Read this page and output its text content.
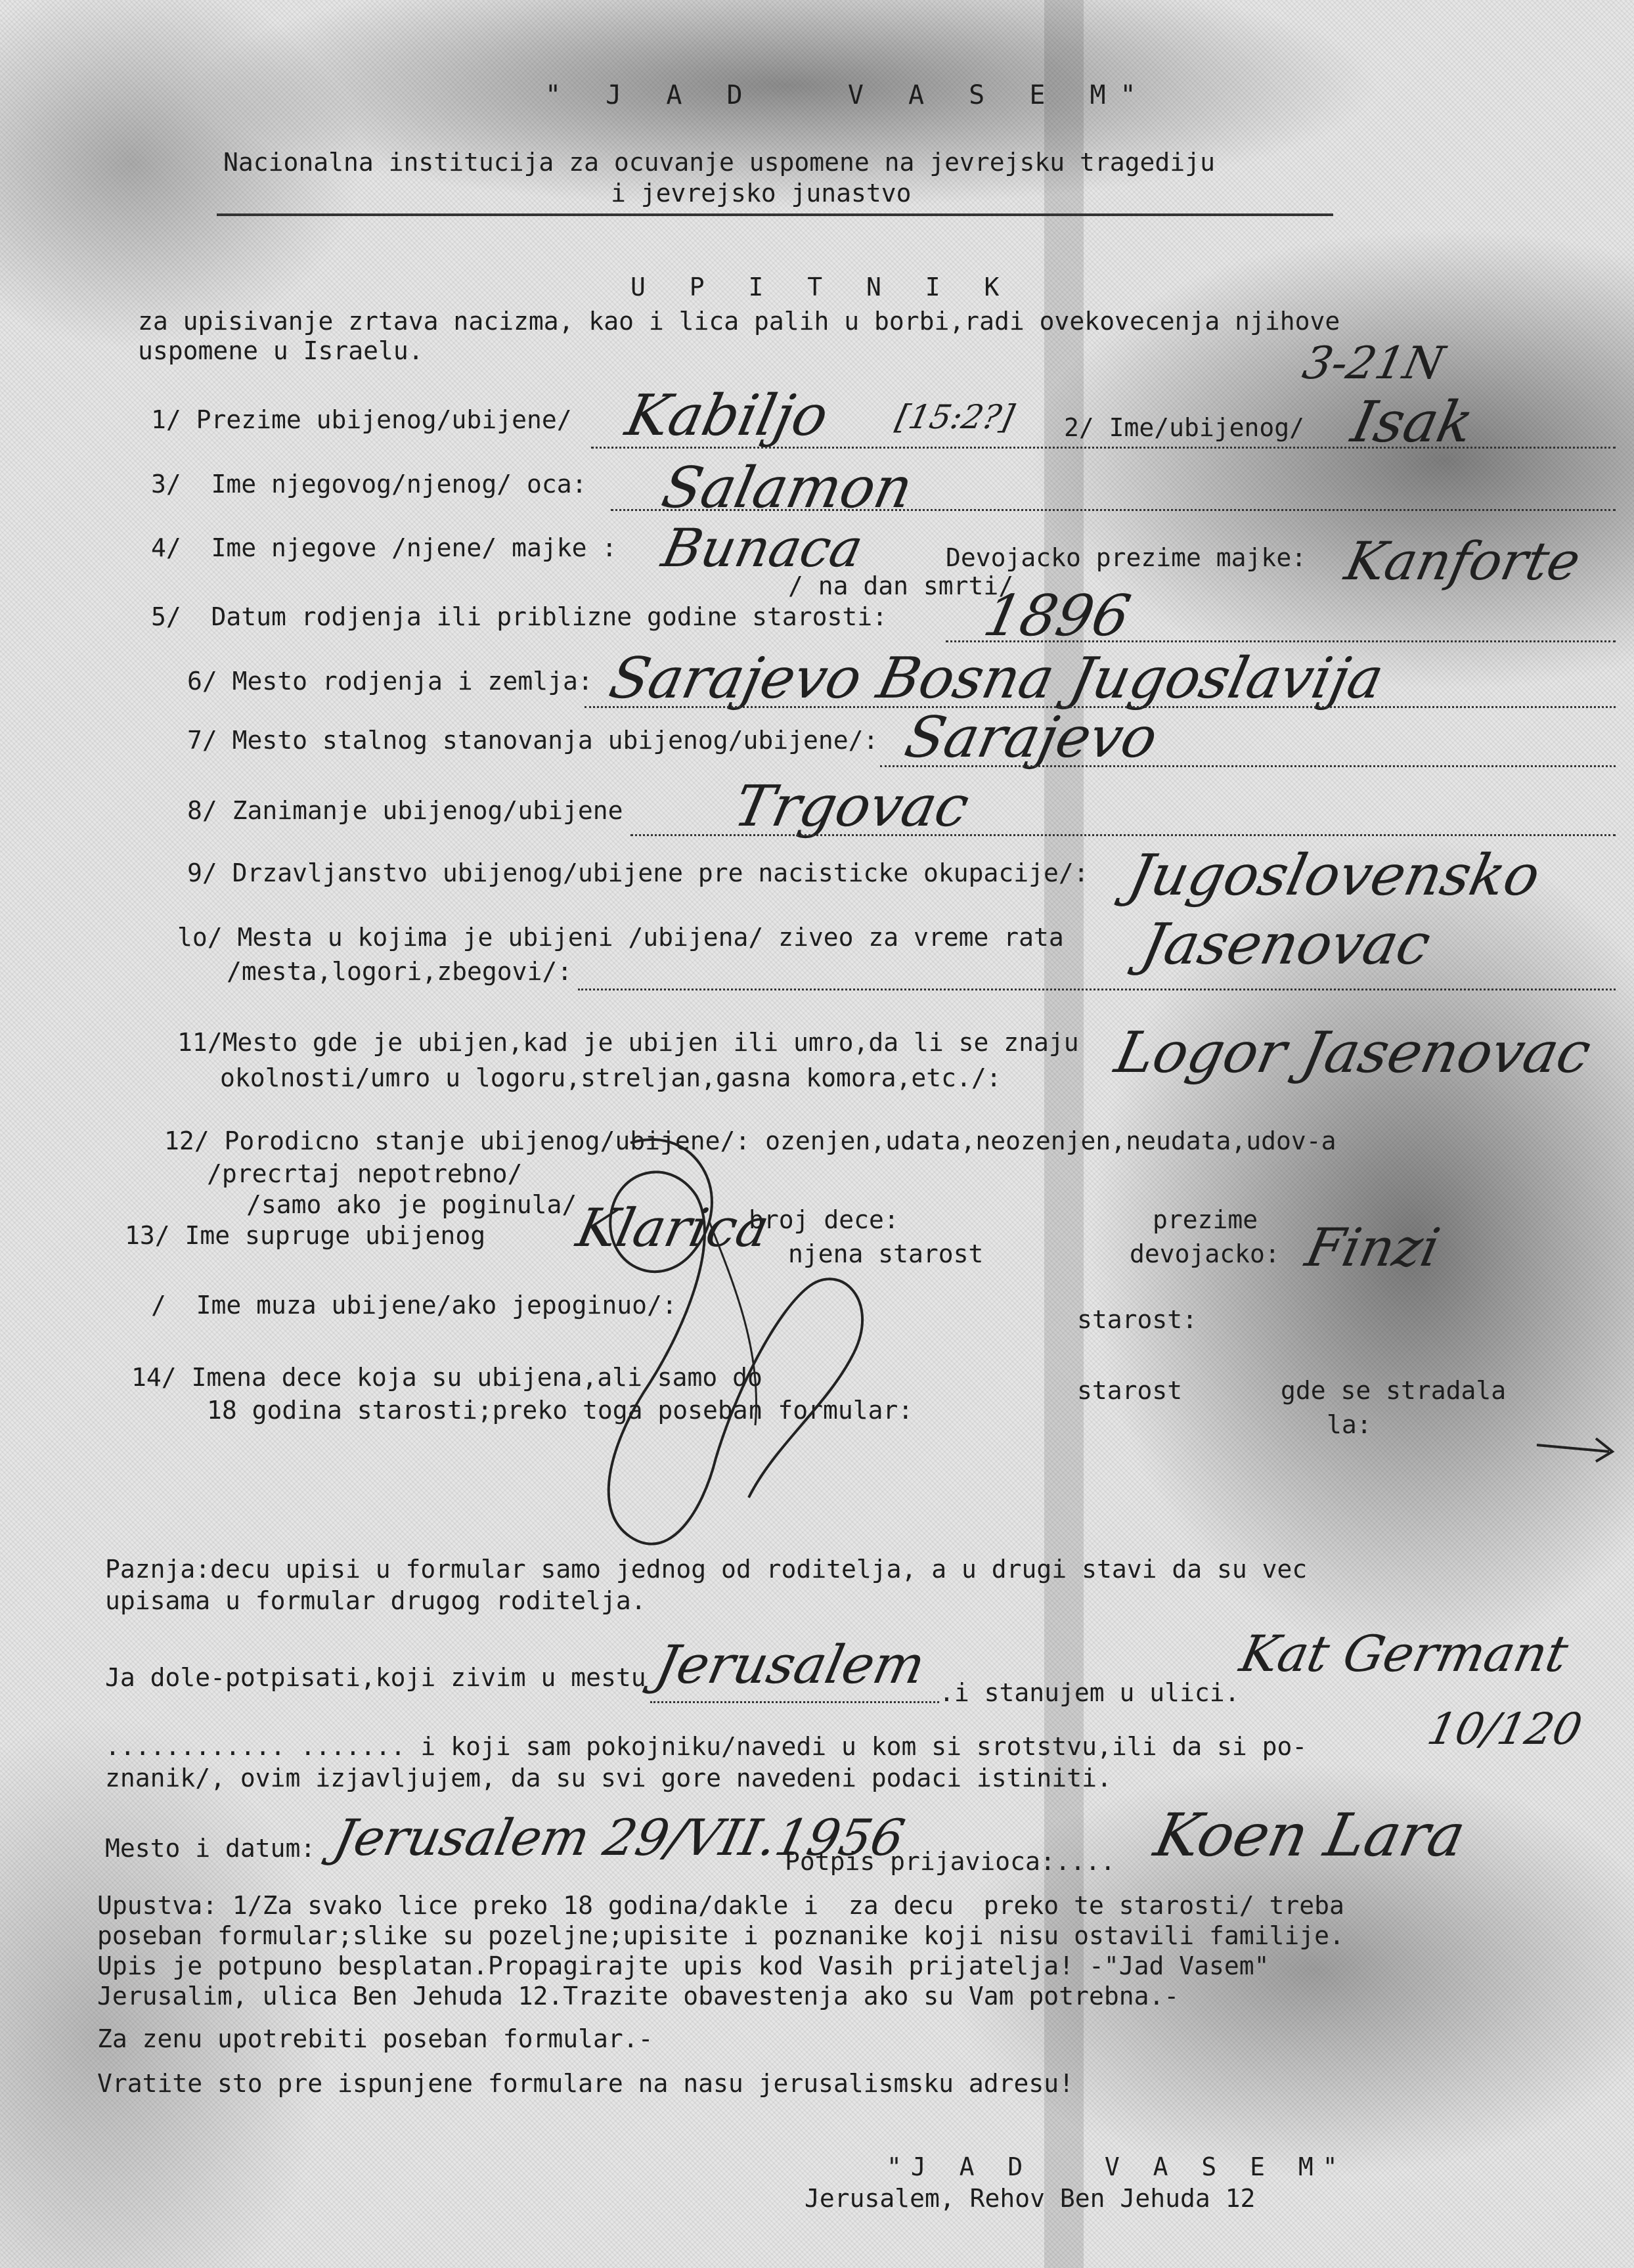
" J A D   V A S E M"
Nacionalna institucija za ocuvanje uspomene na jevrejsku tragediju
i jevrejsko junastvo
U P I T N I K
za upisivanje zrtava nacizma, kao i lica palih u borbi,radi ovekovecenja njihove
uspomene u Israelu.	3-21N
1/ Prezime ubijenog/ubijene/ Kabiljo [15:2?] 2/ Ime/ubijenog/ Isak
3/  Ime njegovog/njenog/ oca: Salamon
4/  Ime njegove /njene/ majke : Bunaca	Devojacko prezime majke: Kanforte
/ na dan smrti/
5/  Datum rodjenja ili priblizne godine starosti: 1896
6/ Mesto rodjenja i zemlja: Sarajevo Bosna Jugoslavija
7/ Mesto stalnog stanovanja ubijenog/ubijene/: Sarajevo
8/ Zanimanje ubijenog/ubijene Trgovac
9/ Drzavljanstvo ubijenog/ubijene pre nacisticke okupacije/: Jugoslovensko
lo/ Mesta u kojima je ubijeni /ubijena/ ziveo za vreme rata
/mesta,logori,zbegovi/:	Jasenovac
11/Mesto gde je ubijen,kad je ubijen ili umro,da li se znaju
okolnosti/umro u logoru,streljan,gasna komora,etc./: Logor Jasenovac
12/ Porodicno stanje ubijenog/ubijene/: ozenjen,udata,neozenjen,neudata,udov-a
/precrtaj nepotrebno/
/samo ako je poginula/
broj dece:	prezime
13/ Ime supruge ubijenog Klarica njena starost	devojacko: Finzi
/  Ime muza ubijene/ako jepoginuo/:	starost:
14/ Imena dece koja su ubijena,ali samo do
18 godina starosti;preko toga poseban formular:
starost	gde se stradala
la:
Paznja:decu upisi u formular samo jednog od roditelja, a u drugi stavi da su vec
upisama u formular drugog roditelja.
Ja dole-potpisati,koji zivim u mestu Jerusalem .i stanujem u ulici.
Kat Germant
............ ....... i koji sam pokojniku/navedi u kom si srotstvu,ili da si po-	10/120
znanik/, ovim izjavljujem, da su svi gore navedeni podaci istiniti.
Mesto i datum: Jerusalem 29/VII.1956
Potpis prijavioca:.... Koen Lara
Upustva: 1/Za svako lice preko 18 godina/dakle i  za decu  preko te starosti/ treba
poseban formular;slike su pozeljne;upisite i poznanike koji nisu ostavili familije.
Upis je potpuno besplatan.Propagirajte upis kod Vasih prijatelja! -"Jad Vasem"
Jerusalim, ulica Ben Jehuda 12.Trazite obavestenja ako su Vam potrebna.-
Za zenu upotrebiti poseban formular.-
Vratite sto pre ispunjene formulare na nasu jerusalismsku adresu!
"J A D   V A S E M"
Jerusalem, Rehov Ben Jehuda 12
